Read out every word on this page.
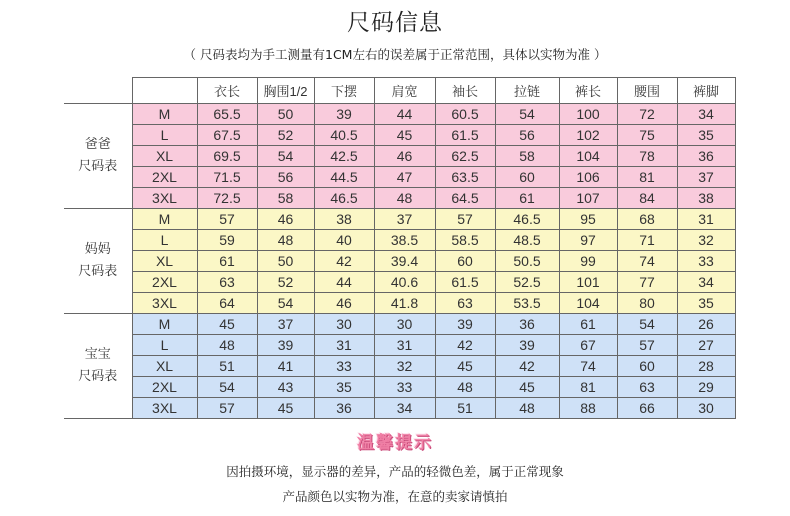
尺码信息
（ 尺码表均为手工测量有1CM左右的误差属于正常范围，具体以实物为准 ）
		衣长	胸围1/2	下摆	肩宽	袖长	拉链	裤长	腰围	裤脚

爸爸
尺码表	M	65.5	50	39	44	60.5	54	100	72	34
	L	67.5	52	40.5	45	61.5	56	102	75	35
	XL	69.5	54	42.5	46	62.5	58	104	78	36
	2XL	71.5	56	44.5	47	63.5	60	106	81	37
	3XL	72.5	58	46.5	48	64.5	61	107	84	38

妈妈
尺码表	M	57	46	38	37	57	46.5	95	68	31
	L	59	48	40	38.5	58.5	48.5	97	71	32
	XL	61	50	42	39.4	60	50.5	99	74	33
	2XL	63	52	44	40.6	61.5	52.5	101	77	34
	3XL	64	54	46	41.8	63	53.5	104	80	35

宝宝
尺码表	M	45	37	30	30	39	36	61	54	26
	L	48	39	31	31	42	39	67	57	27
	XL	51	41	33	32	45	42	74	60	28
	2XL	54	43	35	33	48	45	81	63	29
	3XL	57	45	36	34	51	48	88	66	30
温馨提示
因拍摄环境，显示器的差异，产品的轻微色差，属于正常现象
产品颜色以实物为准，在意的卖家请慎拍
